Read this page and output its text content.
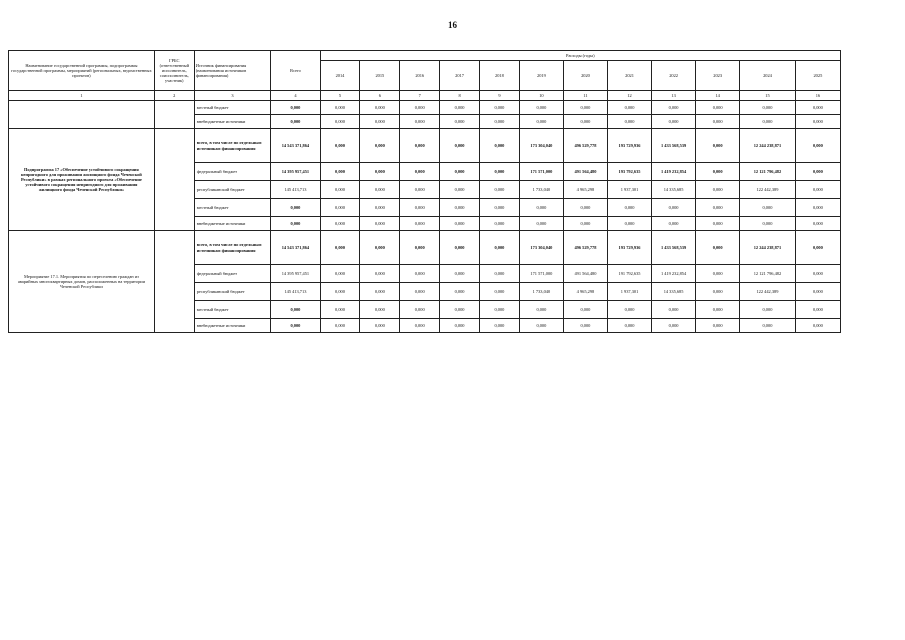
16
Наименование государственной программы, подпрограммы государственной программы, мероприятий (региональных, ведомственных проектов)	ГРБС (ответственный исполнитель, соисполнитель, участник)	Источник финансирования (наименования источников финансирования)	Всего	Расходы (годы)											
				2014	2015	2016	2017	2018	2019	2020	2021	2022	2023	2024	2025
1	2	3	4	5	6	7	8	9	10	11	12	13	14	15	16
		местный бюджет	0,000	0,000	0,000	0,000	0,000	0,000	0,000	0,000	0,000	0,000	0,000	0,000	0,000
		внебюджетные источники	0,000	0,000	0,000	0,000	0,000	0,000	0,000	0,000	0,000	0,000	0,000	0,000	0,000
Подпрограмма 17 «Обеспечение устойчивого сокращения непригодного для проживания жилищного фонда Чеченской Республики» в рамках регионального проекта «Обеспечение устойчивого сокращения непригодного для проживания жилищного фонда Чеченской Республики»		всего, в том числе по отдельным источникам финансирования	14 543 371,864	0,000	0,000	0,000	0,000	0,000	173 304,040	496 529,778	193 729,936	1 433 568,539	0,000	12 244 238,871	0,000
		федеральный бюджет	14 395 957,451	0,000	0,000	0,000	0,000	0,000	171 571,000	491 564,480	193 792,635	1 419 232,854	0,000	12 121 796,482	0,000
		республиканский бюджет	145 413,713	0,000	0,000	0,000	0,000	0,000	1 733,040	4 965,298	1 937,301	14 335,685	0,000	122 442,389	0,000
		местный бюджет	0,000	0,000	0,000	0,000	0,000	0,000	0,000	0,000	0,000	0,000	0,000	0,000	0,000
		внебюджетные источники	0,000	0,000	0,000	0,000	0,000	0,000	0,000	0,000	0,000	0,000	0,000	0,000	0,000
Мероприятие 17.1. Мероприятия по переселению граждан из аварийных многоквартирных домов, расположенных на территории Чеченской Республики		всего, в том числе по отдельным источникам финансирования	14 543 371,864	0,000	0,000	0,000	0,000	0,000	173 304,040	496 529,778	193 729,936	1 433 568,539	0,000	12 244 238,871	0,000
		федеральный бюджет	14 395 957,451	0,000	0,000	0,000	0,000	0,000	171 571,000	491 564,480	191 792,635	1 419 232,854	0,000	12 121 796,482	0,000
		республиканский бюджет	145 413,713	0,000	0,000	0,000	0,000	0,000	1 733,040	4 965,298	1 937,301	14 335,685	0,000	122 442,389	0,000
		местный бюджет	0,000	0,000	0,000	0,000	0,000	0,000	0,000	0,000	0,000	0,000	0,000	0,000	0,000
		внебюджетные источники	0,000	0,000	0,000	0,000	0,000	0,000	0,000	0,000	0,000	0,000	0,000	0,000	0,000
